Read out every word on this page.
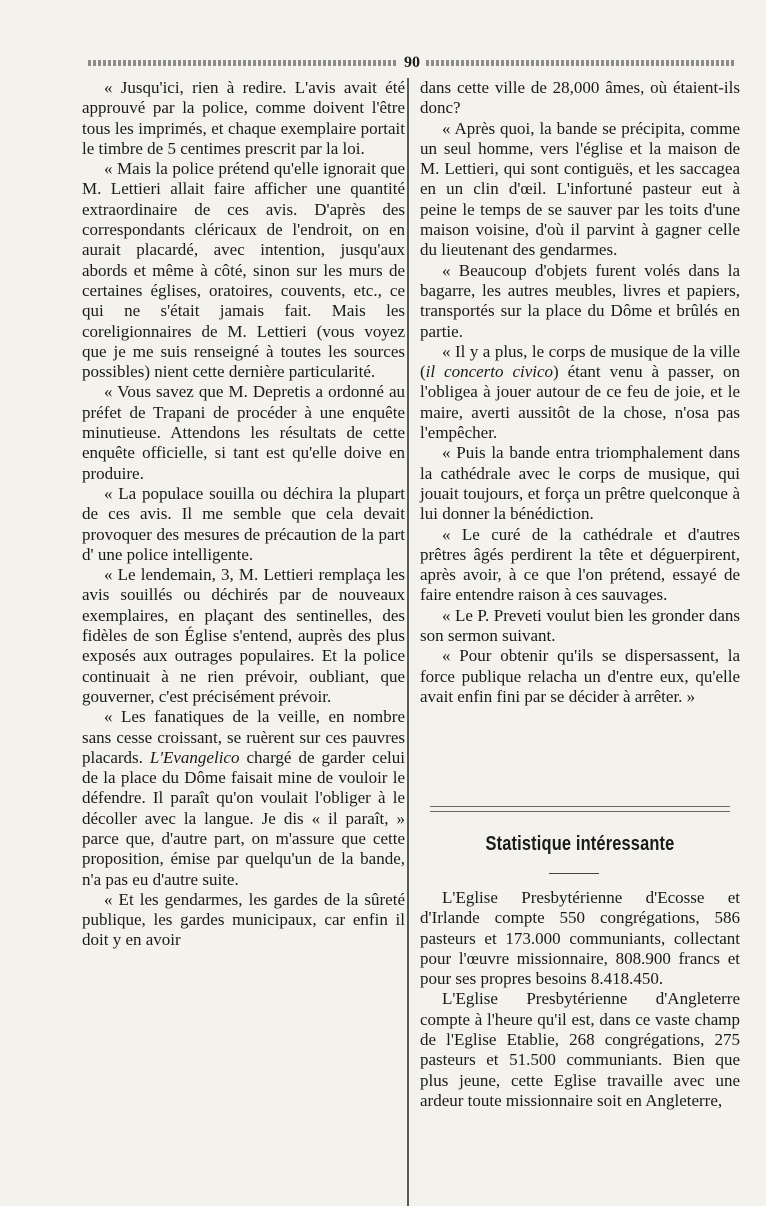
90

« Jusqu'ici, rien à redire. L'avis avait été approuvé par la police, comme doivent l'être tous les imprimés, et chaque exemplaire portait le timbre de 5 centimes prescrit par la loi.

« Mais la police prétend qu'elle ignorait que M. Lettieri allait faire afficher une quantité extraordinaire de ces avis. D'après des correspondants cléricaux de l'endroit, on en aurait placardé, avec intention, jusqu'aux abords et même à côté, sinon sur les murs de certaines églises, oratoires, couvents, etc., ce qui ne s'était jamais fait. Mais les coreligionnaires de M. Lettieri (vous voyez que je me suis renseigné à toutes les sources possibles) nient cette dernière particularité.

« Vous savez que M. Depretis a ordonné au préfet de Trapani de procéder à une enquête minutieuse. Attendons les résultats de cette enquête officielle, si tant est qu'elle doive en produire.

« La populace souilla ou déchira la plupart de ces avis. Il me semble que cela devait provoquer des mesures de précaution de la part d' une police intelligente.

« Le lendemain, 3, M. Lettieri remplaça les avis souillés ou déchirés par de nouveaux exemplaires, en plaçant des sentinelles, des fidèles de son Église s'entend, auprès des plus exposés aux outrages populaires. Et la police continuait à ne rien prévoir, oubliant, que gouverner, c'est précisément prévoir.

« Les fanatiques de la veille, en nombre sans cesse croissant, se ruèrent sur ces pauvres placards. L'Evangelico chargé de garder celui de la place du Dôme faisait mine de vouloir le défendre. Il paraît qu'on voulait l'obliger à le décoller avec la langue. Je dis « il paraît, » parce que, d'autre part, on m'assure que cette proposition, émise par quelqu'un de la bande, n'a pas eu d'autre suite.

« Et les gendarmes, les gardes de la sûreté publique, les gardes municipaux, car enfin il doit y en avoir

dans cette ville de 28,000 âmes, où étaient-ils donc?

« Après quoi, la bande se précipita, comme un seul homme, vers l'église et la maison de M. Lettieri, qui sont contiguës, et les saccagea en un clin d'œil. L'infortuné pasteur eut à peine le temps de se sauver par les toits d'une maison voisine, d'où il parvint à gagner celle du lieutenant des gendarmes.

« Beaucoup d'objets furent volés dans la bagarre, les autres meubles, livres et papiers, transportés sur la place du Dôme et brûlés en partie.

« Il y a plus, le corps de musique de la ville (il concerto civico) étant venu à passer, on l'obligea à jouer autour de ce feu de joie, et le maire, averti aussitôt de la chose, n'osa pas l'empêcher.

« Puis la bande entra triomphalement dans la cathédrale avec le corps de musique, qui jouait toujours, et força un prêtre quelconque à lui donner la bénédiction.

« Le curé de la cathédrale et d'autres prêtres âgés perdirent la tête et déguerpirent, après avoir, à ce que l'on prétend, essayé de faire entendre raison à ces sauvages.

« Le P. Preveti voulut bien les gronder dans son sermon suivant.

« Pour obtenir qu'ils se dispersassent, la force publique relacha un d'entre eux, qu'elle avait enfin fini par se décider à arrêter. »

Statistique intéressante

L'Eglise Presbytérienne d'Ecosse et d'Irlande compte 550 congrégations, 586 pasteurs et 173.000 communiants, collectant pour l'œuvre missionnaire, 808.900 francs et pour ses propres besoins 8.418.450.

L'Eglise Presbytérienne d'Angleterre compte à l'heure qu'il est, dans ce vaste champ de l'Eglise Etablie, 268 congrégations, 275 pasteurs et 51.500 communiants. Bien que plus jeune, cette Eglise travaille avec une ardeur toute missionnaire soit en Angleterre,
